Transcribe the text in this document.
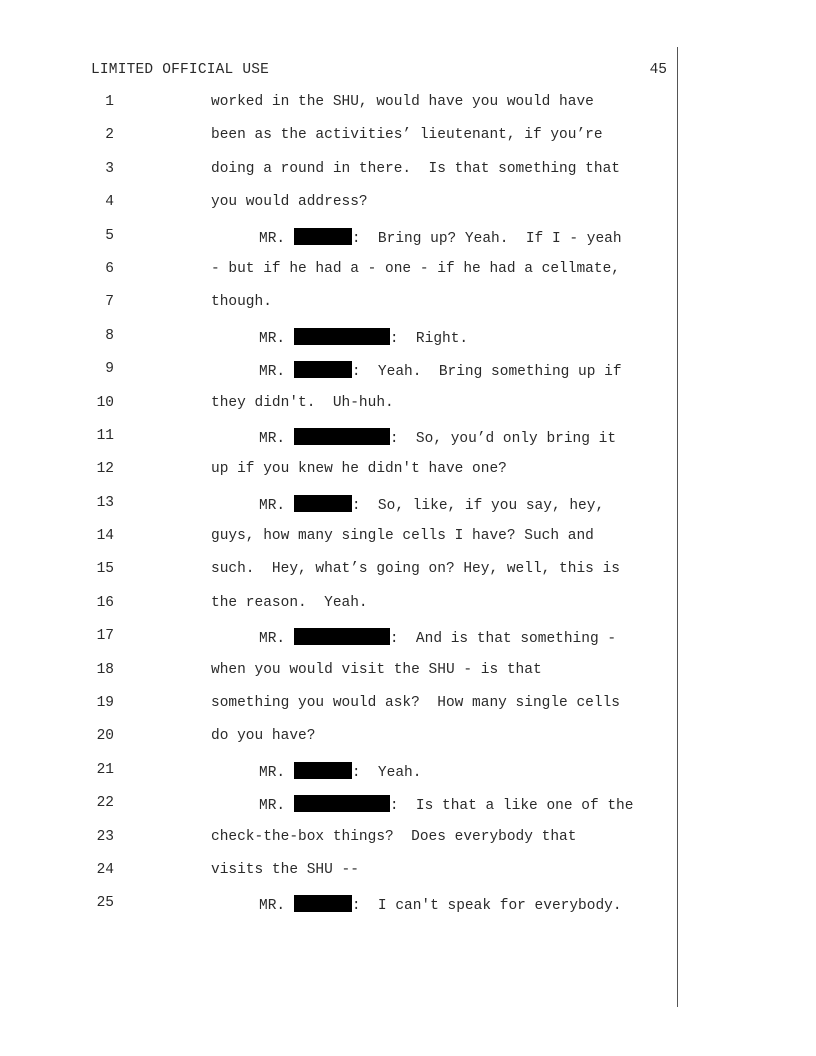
LIMITED OFFICIAL USE	45
1	worked in the SHU, would have you would have
2	been as the activities’ lieutenant, if you’re
3	doing a round in there.  Is that something that
4	you would address?
5	MR.	:  Bring up? Yeah.  If I - yeah
6	- but if he had a - one - if he had a cellmate,
7	though.
8	MR.	:  Right.
9	MR.	:  Yeah.  Bring something up if
10	they didn't.  Uh-huh.
11	MR.	:  So, you’d only bring it
12	up if you knew he didn't have one?
13	MR.	:  So, like, if you say, hey,
14	guys, how many single cells I have? Such and
15	such.  Hey, what’s going on? Hey, well, this is
16	the reason.  Yeah.
17	MR.	:  And is that something -
18	when you would visit the SHU - is that
19	something you would ask?  How many single cells
20	do you have?
21	MR.	:  Yeah.
22	MR.	:  Is that a like one of the
23	check-the-box things?  Does everybody that
24	visits the SHU --
25	MR.	:  I can't speak for everybody.
